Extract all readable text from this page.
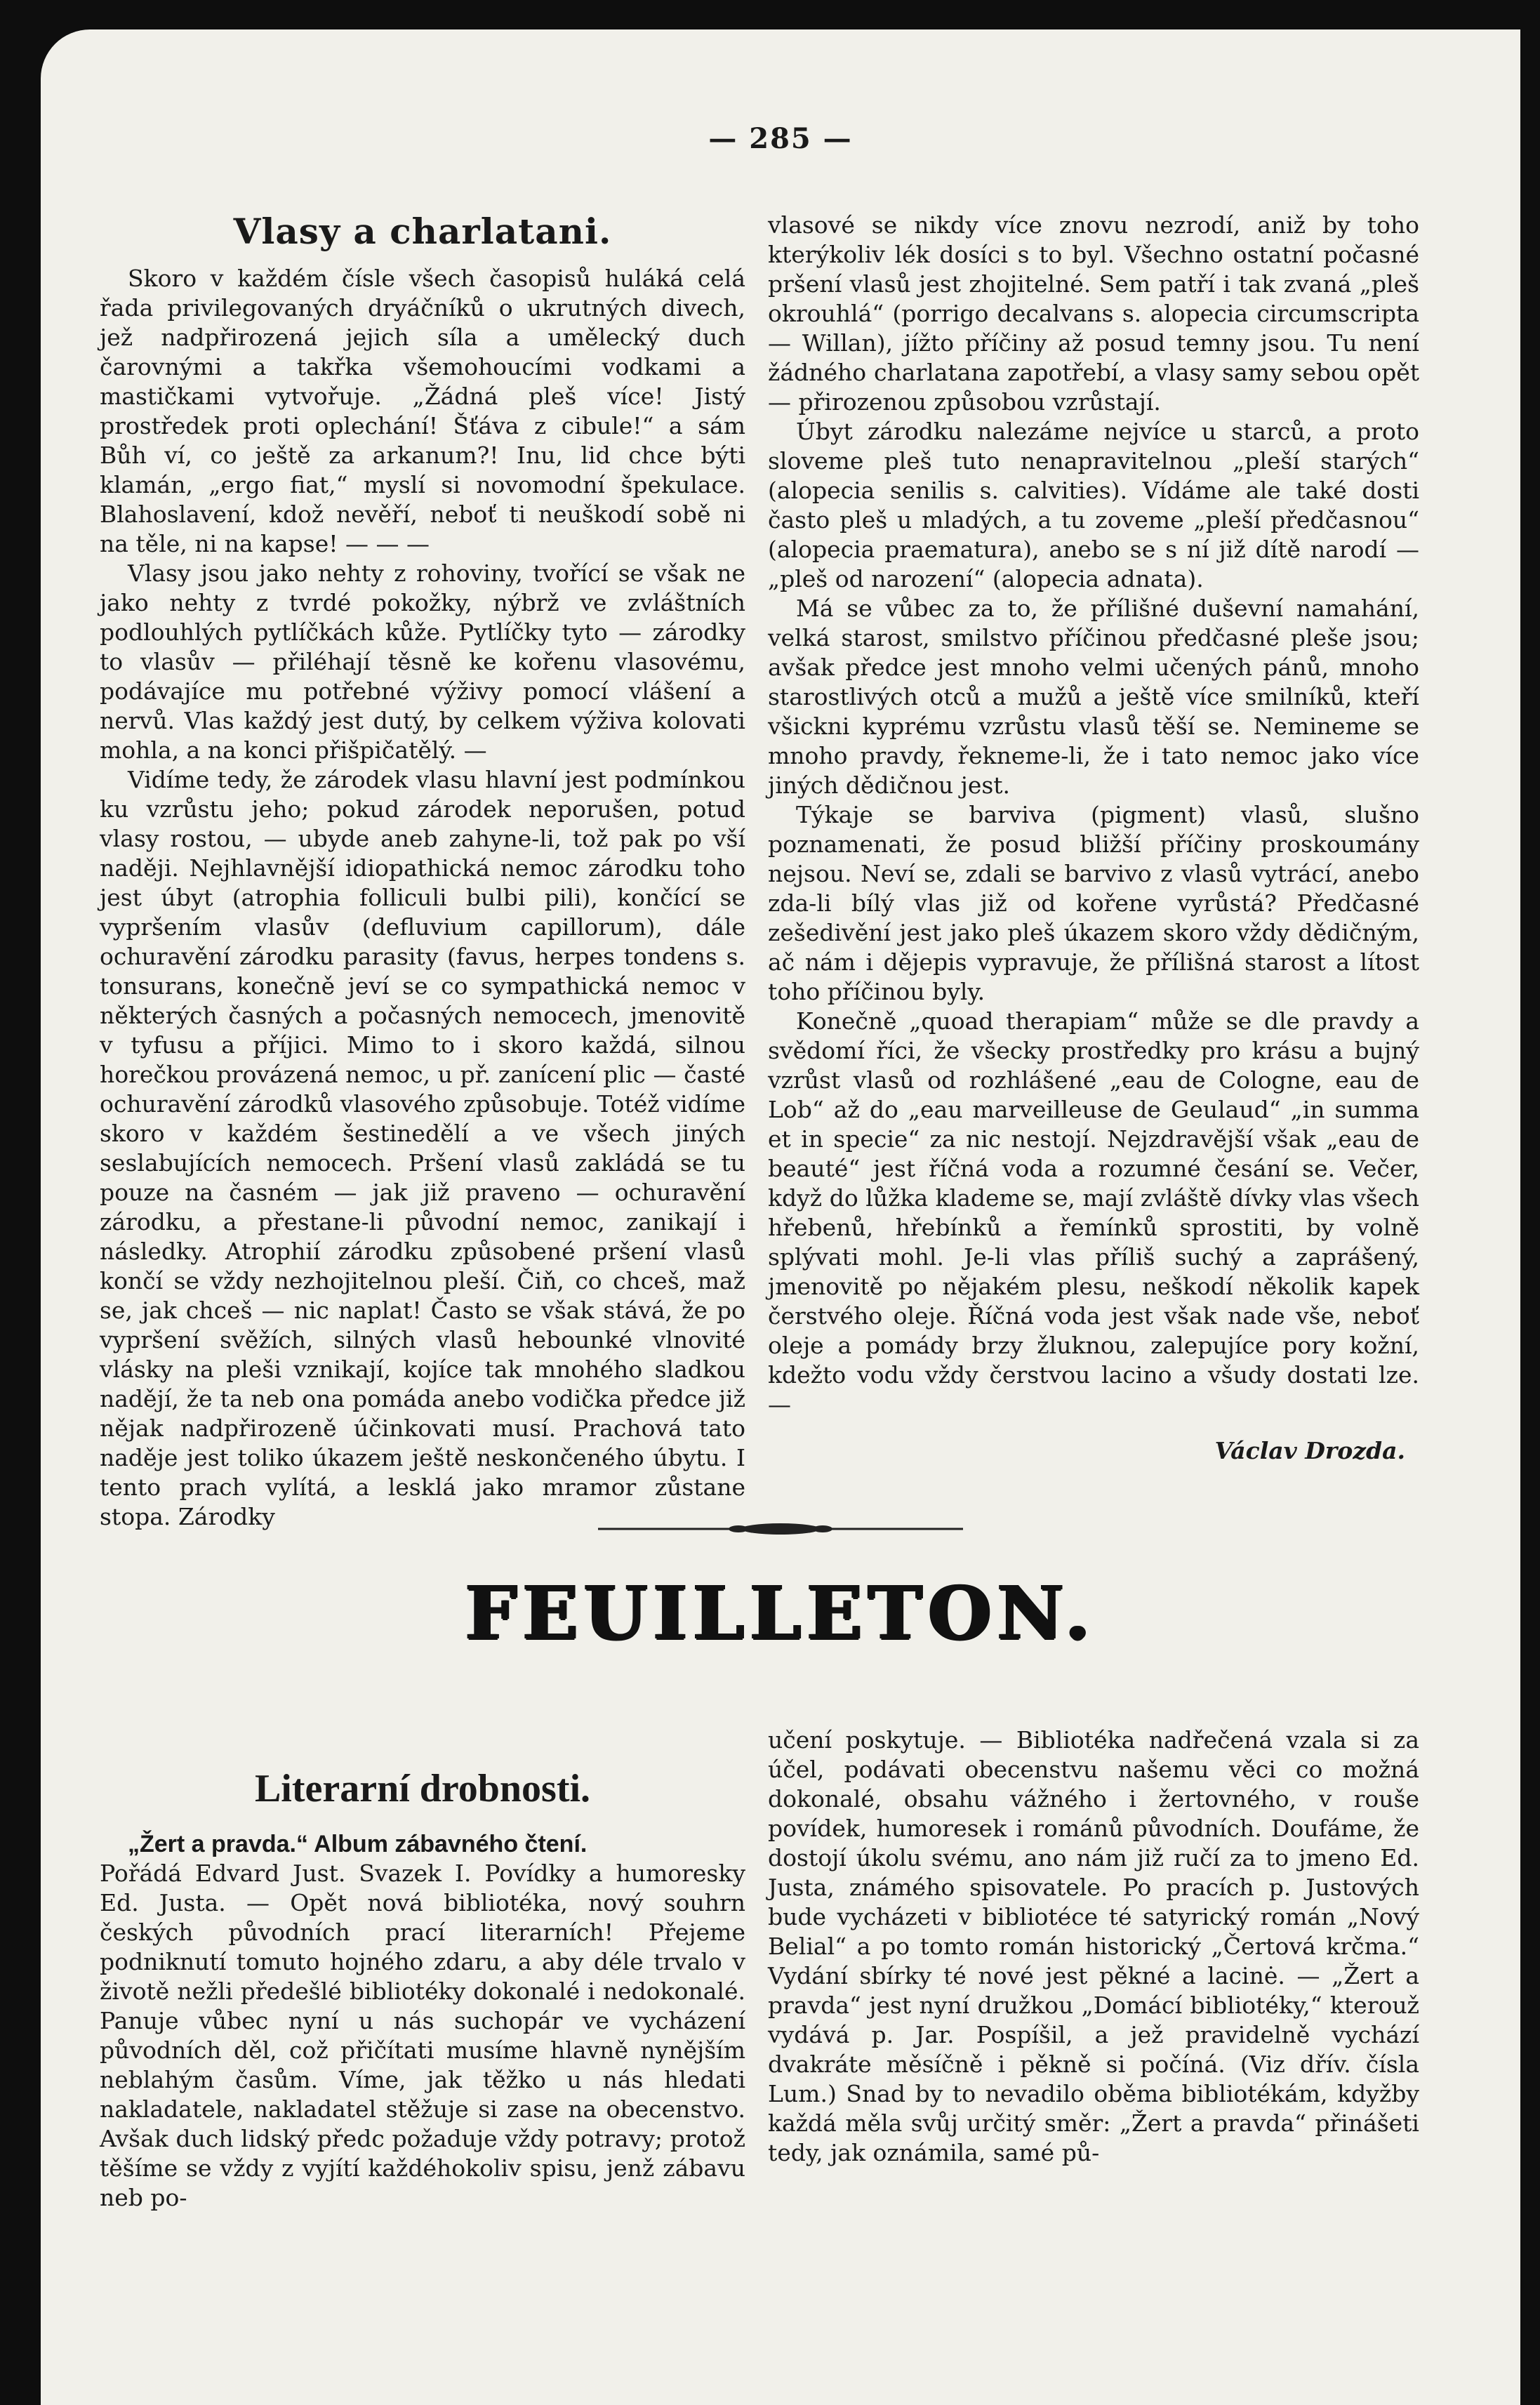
— 285 —
Vlasy a charlatani.

Skoro v každém čísle všech časopisů huláká celá řada privilegovaných dryáčníků o ukrutných divech, jež nadpřirozená jejich síla a umělecký duch čarovnými a takřka všemohoucími vodkami a mastičkami vytvořuje. „Žádná pleš více! Jistý prostředek proti oplechání! Šťáva z cibule!“ a sám Bůh ví, co ještě za arkanum?! Inu, lid chce býti klamán, „ergo fiat,“ myslí si novomodní špekulace. Blahoslavení, kdož nevěří, neboť ti neuškodí sobě ni na těle, ni na kapse! — — —

Vlasy jsou jako nehty z rohoviny, tvořící se však ne jako nehty z tvrdé pokožky, nýbrž ve zvláštních podlouhlých pytlíčkách kůže. Pytlíčky tyto — zárodky to vlasův — přiléhají těsně ke kořenu vlasovému, podávajíce mu potřebné výživy pomocí vlášení a nervů. Vlas každý jest dutý, by celkem výživa kolovati mohla, a na konci přišpičatělý. —

Vidíme tedy, že zárodek vlasu hlavní jest podmínkou ku vzrůstu jeho; pokud zárodek neporušen, potud vlasy rostou, — ubyde aneb zahyne-li, tož pak po vší naději. Nejhlavnější idiopathická nemoc zárodku toho jest úbyt (atrophia folliculi bulbi pili), končící se vypršením vlasův (defluvium capillorum), dále ochuravění zárodku parasity (favus, herpes tondens s. tonsurans, konečně jeví se co sympathická nemoc v některých časných a počasných nemocech, jmenovitě v tyfusu a příjici. Mimo to i skoro každá, silnou horečkou provázená nemoc, u př. zanícení plic — časté ochuravění zárodků vlasového způsobuje. Totéž vidíme skoro v každém šestinedělí a ve všech jiných seslabujících nemocech. Pršení vlasů zakládá se tu pouze na časném — jak již praveno — ochuravění zárodku, a přestane-li původní nemoc, zanikají i následky. Atrophií zárodku způsobené pršení vlasů končí se vždy nezhojitelnou pleší. Čiň, co chceš, maž se, jak chceš — nic naplat! Často se však stává, že po vypršení svěžích, silných vlasů hebounké vlnovité vlásky na pleši vznikají, kojíce tak mnohého sladkou nadějí, že ta neb ona pomáda anebo vodička předce již nějak nadpřirozeně účinkovati musí. Prachová tato naděje jest toliko úkazem ještě neskončeného úbytu. I tento prach vylítá, a lesklá jako mramor zůstane stopa. Zárodky

vlasové se nikdy více znovu nezrodí, aniž by toho kterýkoliv lék dosíci s to byl. Všechno ostatní počasné pršení vlasů jest zhojitelné. Sem patří i tak zvaná „pleš okrouhlá“ (porrigo decalvans s. alopecia circumscripta — Willan), jížto příčiny až posud temny jsou. Tu není žádného charlatana zapotřebí, a vlasy samy sebou opět — přirozenou způsobou vzrůstají.

Úbyt zárodku nalezáme nejvíce u starců, a proto sloveme pleš tuto nenapravitelnou „pleší starých“ (alopecia senilis s. calvities). Vídáme ale také dosti často pleš u mladých, a tu zoveme „pleší předčasnou“ (alopecia praematura), anebo se s ní již dítě narodí — „pleš od narození“ (alopecia adnata).

Má se vůbec za to, že přílišné duševní namahání, velká starost, smilstvo příčinou předčasné pleše jsou; avšak předce jest mnoho velmi učených pánů, mnoho starostlivých otců a mužů a ještě více smilníků, kteří všickni kyprému vzrůstu vlasů těší se. Nemineme se mnoho pravdy, řekneme-li, že i tato nemoc jako více jiných dědičnou jest.

Týkaje se barviva (pigment) vlasů, slušno poznamenati, že posud bližší příčiny proskoumány nejsou. Neví se, zdali se barvivo z vlasů vytrácí, anebo zda-li bílý vlas již od kořene vyrůstá? Předčasné zešedivění jest jako pleš úkazem skoro vždy dědičným, ač nám i dějepis vypravuje, že přílišná starost a lítost toho příčinou byly.

Konečně „quoad therapiam“ může se dle pravdy a svědomí říci, že všecky prostředky pro krásu a bujný vzrůst vlasů od rozhlášené „eau de Cologne, eau de Lob“ až do „eau marveilleuse de Geulaud“ „in summa et in specie“ za nic nestojí. Nejzdravější však „eau de beauté“ jest říčná voda a rozumné česání se. Večer, když do lůžka klademe se, mají zvláště dívky vlas všech hřebenů, hřebínků a řemínků sprostiti, by volně splývati mohl. Je-li vlas příliš suchý a zaprášený, jmenovitě po nějakém plesu, neškodí několik kapek čerstvého oleje. Říčná voda jest však nade vše, neboť oleje a pomády brzy žluknou, zalepujíce pory kožní, kdežto vodu vždy čerstvou lacino a všudy dostati lze. —

Václav Drozda.

FEUILLETON.
Literarní drobnosti.

„Žert a pravda.“ Album zábavného čtení.

Pořádá Edvard Just. Svazek I. Povídky a humoresky Ed. Justa. — Opět nová bibliotéka, nový souhrn českých původních prací literarních! Přejeme podniknutí tomuto hojného zdaru, a aby déle trvalo v životě nežli předešlé bibliotéky dokonalé i nedokonalé. Panuje vůbec nyní u nás suchopár ve vycházení původních děl, což přičítati musíme hlavně nynějším neblahým časům. Víme, jak těžko u nás hledati nakladatele, nakladatel stěžuje si zase na obecenstvo. Avšak duch lidský předc požaduje vždy potravy; protož těšíme se vždy z vyjítí každéhokoliv spisu, jenž zábavu neb po-

učení poskytuje. — Bibliotéka nadřečená vzala si za účel, podávati obecenstvu našemu věci co možná dokonalé, obsahu vážného i žertovného, v rouše povídek, humoresek i románů původních. Doufáme, že dostojí úkolu svému, ano nám již ručí za to jmeno Ed. Justa, známého spisovatele. Po pracích p. Justových bude vycházeti v bibliotéce té satyrický román „Nový Belial“ a po tomto román historický „Čertová krčma.“ Vydání sbírky té nové jest pěkné a lacinė. — „Žert a pravda“ jest nyní družkou „Domácí bibliotéky,“ kterouž vydává p. Jar. Pospíšil, a jež pravidelně vychází dvakráte měsíčně i pěkně si počíná. (Viz dřív. čísla Lum.) Snad by to nevadilo oběma bibliotékám, kdyžby každá měla svůj určitý směr: „Žert a pravda“ přinášeti tedy, jak oznámila, samé pů-
